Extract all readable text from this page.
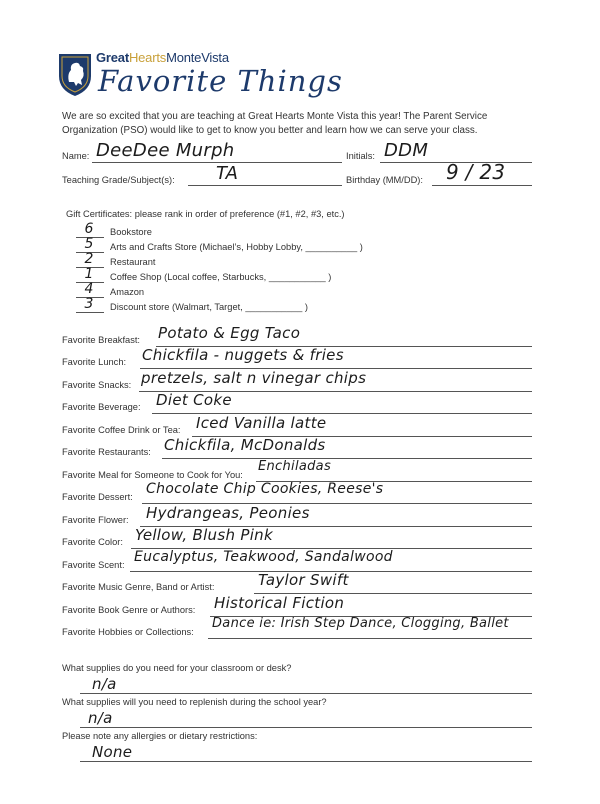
GreatHeartsMonteVista
Favorite Things
We are so excited that you are teaching at Great Hearts Monte Vista this year! The Parent Service Organization (PSO) would like to get to know you better and learn how we can serve your class.
Name: DeeDee Murph	Initials: DDM
Teaching Grade/Subject(s): TA	Birthday (MM/DD): 9 / 23
Gift Certificates: please rank in order of preference (#1, #2, #3, etc.)
6	Bookstore
5	Arts and Crafts Store (Michael’s, Hobby Lobby, __________ )
2	Restaurant
1	Coffee Shop (Local coffee, Starbucks, ___________ )
4	Amazon
3	Discount store (Walmart, Target, ___________ )
Favorite Breakfast: Potato & Egg Taco
Favorite Lunch: Chickfila - nuggets & fries
Favorite Snacks: pretzels, salt n vinegar chips
Favorite Beverage: Diet Coke
Favorite Coffee Drink or Tea: Iced Vanilla latte
Favorite Restaurants: Chickfila, McDonalds
Favorite Meal for Someone to Cook for You:
Enchiladas
Favorite Dessert: Chocolate Chip Cookies, Reese's
Favorite Flower: Hydrangeas, Peonies
Favorite Color: Yellow, Blush Pink
Favorite Scent: Eucalyptus, Teakwood, Sandalwood
Favorite Music Genre, Band or Artist:	Taylor Swift
Favorite Book Genre or Authors: Historical Fiction
Favorite Hobbies or Collections:
Dance ie: Irish Step Dance, Clogging, Ballet
What supplies do you need for your classroom or desk?
n/a
What supplies will you need to replenish during the school year?
n/a
Please note any allergies or dietary restrictions:
None
